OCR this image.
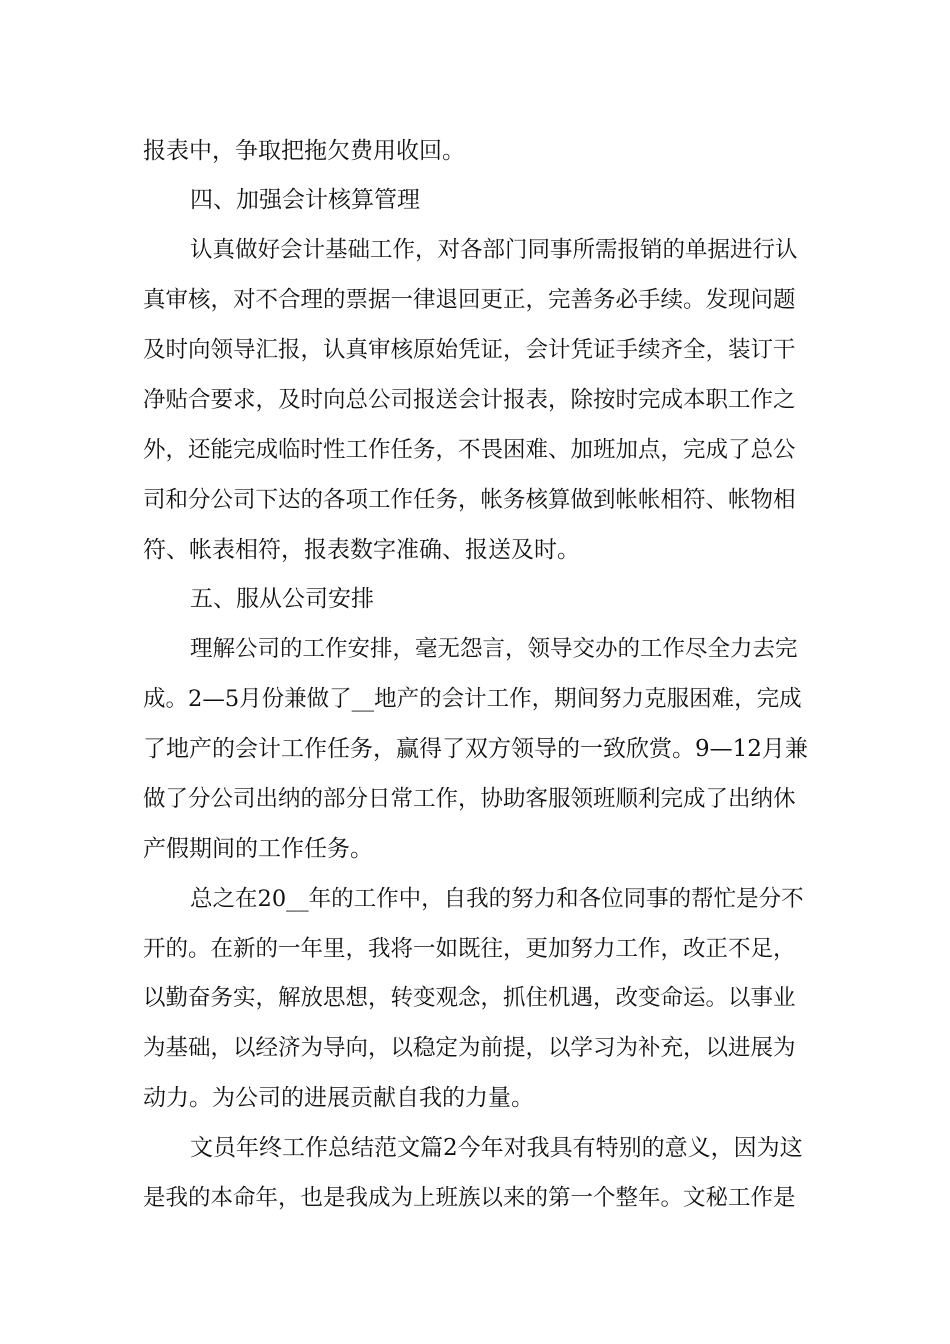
报表中，争取把拖欠费用收回。

四、加强会计核算管理

认真做好会计基础工作，对各部门同事所需报销的单据进行认

真审核，对不合理的票据一律退回更正，完善务必手续。发现问题

及时向领导汇报，认真审核原始凭证，会计凭证手续齐全，装订干

净贴合要求，及时向总公司报送会计报表，除按时完成本职工作之

外，还能完成临时性工作任务，不畏困难、加班加点，完成了总公

司和分公司下达的各项工作任务，帐务核算做到帐帐相符、帐物相

符、帐表相符，报表数字准确、报送及时。

五、服从公司安排

理解公司的工作安排，毫无怨言，领导交办的工作尽全力去完

成。2—5月份兼做了__地产的会计工作，期间努力克服困难，完成

了地产的会计工作任务，赢得了双方领导的一致欣赏。9—12月兼

做了分公司出纳的部分日常工作，协助客服领班顺利完成了出纳休

产假期间的工作任务。

总之在20__年的工作中，自我的努力和各位同事的帮忙是分不

开的。在新的一年里，我将一如既往，更加努力工作，改正不足，

以勤奋务实，解放思想，转变观念，抓住机遇，改变命运。以事业

为基础，以经济为导向，以稳定为前提，以学习为补充，以进展为

动力。为公司的进展贡献自我的力量。

文员年终工作总结范文篇2今年对我具有特别的意义，因为这

是我的本命年，也是我成为上班族以来的第一个整年。文秘工作是
